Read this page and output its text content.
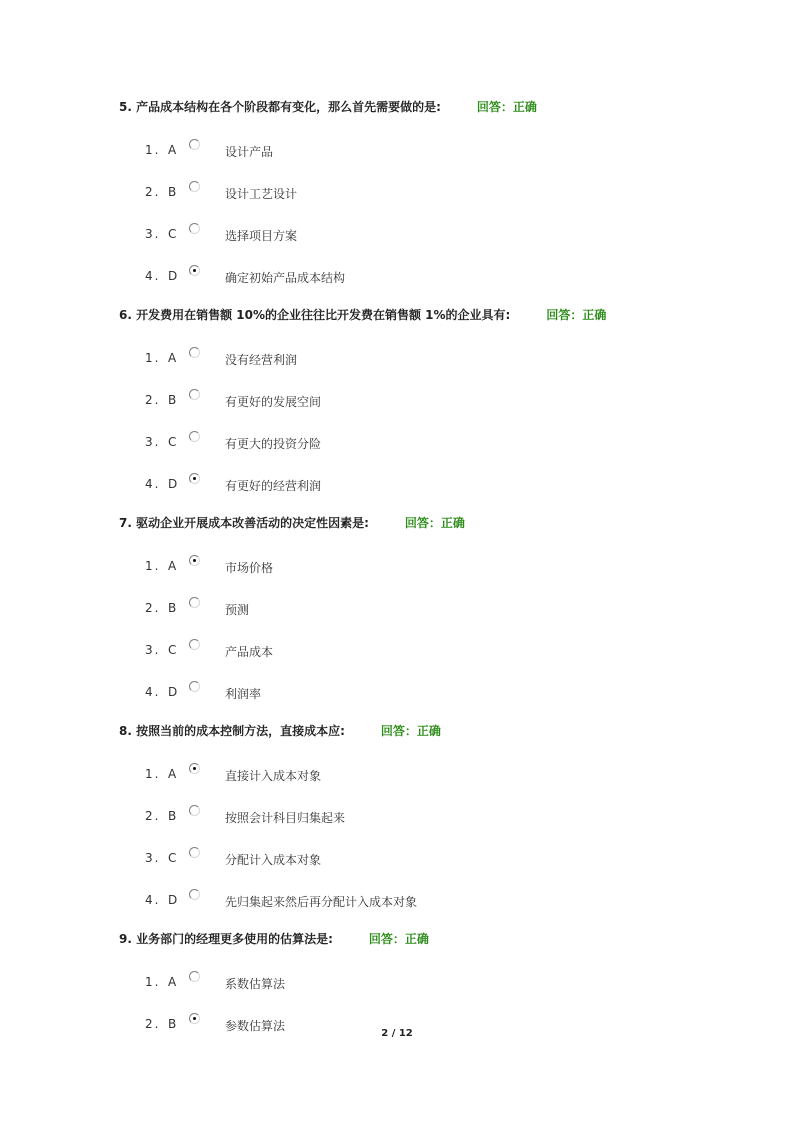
5. 产品成本结构在各个阶段都有变化，那么首先需要做的是:	回答：正确
1. A	设计产品
2. B	设计工艺设计
3. C	选择项目方案
4. D	确定初始产品成本结构
6. 开发费用在销售额 10%的企业往往比开发费在销售额 1%的企业具有:	回答：正确
1. A	没有经营利润
2. B	有更好的发展空间
3. C	有更大的投资分险
4. D	有更好的经营利润
7. 驱动企业开展成本改善活动的决定性因素是:	回答：正确
1. A	市场价格
2. B	预测
3. C	产品成本
4. D	利润率
8. 按照当前的成本控制方法，直接成本应:	回答：正确
1. A	直接计入成本对象
2. B	按照会计科目归集起来
3. C	分配计入成本对象
4. D	先归集起来然后再分配计入成本对象
9. 业务部门的经理更多使用的估算法是:	回答：正确
1. A	系数估算法
2. B	参数估算法
2 / 12
